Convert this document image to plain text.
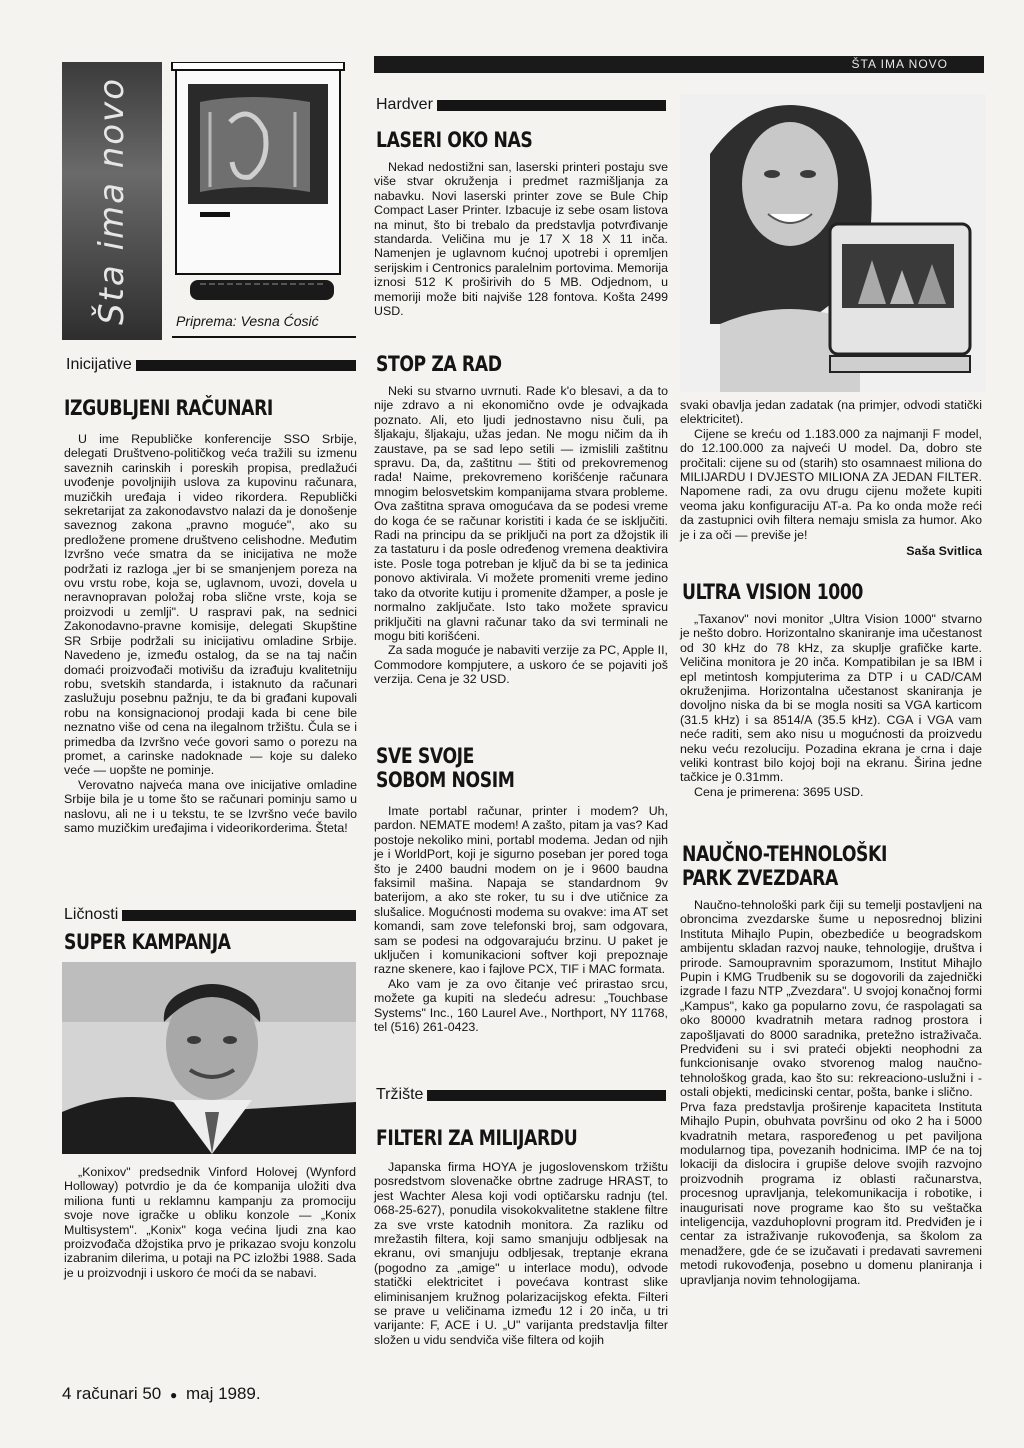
ŠTA IMA NOVO
Šta ima novo	Priprema: Vesna Ćosić
Inicijative
IZGUBLJENI RAČUNARI

U ime Republičke konferencije SSO Srbije, delegati Društveno-političkog veća tražili su izmenu saveznih carinskih i poreskih propisa, predlažući uvođenje povoljnijih uslova za kupovinu računara, muzičkih uređaja i video rikordera. Republički sekretarijat za zakonodavstvo nalazi da je donošenje saveznog zakona „pravno moguće", ako su predložene promene društveno celishodne. Međutim Izvršno veće smatra da se inicijativa ne može podržati iz razloga „jer bi se smanjenjem poreza na ovu vrstu robe, koja se, uglavnom, uvozi, dovela u neravnopravan položaj roba slične vrste, koja se proizvodi u zemlji". U raspravi pak, na sednici Zakonodavno-pravne komisije, delegati Skupštine SR Srbije podržali su inicijativu omladine Srbije. Navedeno je, između ostalog, da se na taj način domaći proizvođači motivišu da izrađuju kvalitetniju robu, svetskih standarda, i istaknuto da računari zaslužuju posebnu pažnju, te da bi građani kupovali robu na konsignacionoj prodaji kada bi cene bile neznatno više od cena na ilegalnom tržištu. Čula se i primedba da Izvršno veće govori samo o porezu na promet, a carinske nadoknade — koje su daleko veće — uopšte ne pominje.

Verovatno najveća mana ove inicijative omladine Srbije bila je u tome što se računari pominju samo u naslovu, ali ne i u tekstu, te se Izvršno veće bavilo samo muzičkim uređajima i videorikorderima. Šteta!

Ličnosti
SUPER KAMPANJA

„Konixov" predsednik Vinford Holovej (Wynford Holloway) potvrdio je da će kompanija uložiti dva miliona funti u reklamnu kampanju za promociju svoje nove igračke u obliku konzole — „Konix Multisystem". „Konix" koga većina ljudi zna kao proizvođača džojstika prvo je prikazao svoju konzolu izabranim dilerima, u potaji na PC izložbi 1988. Sada je u proizvodnji i uskoro će moći da se nabavi.

Hardver
LASERI OKO NAS

Nekad nedostižni san, laserski printeri postaju sve više stvar okruženja i predmet razmišljanja za nabavku. Novi laserski printer zove se Bule Chip Compact Laser Printer. Izbacuje iz sebe osam listova na minut, što bi trebalo da predstavlja potvrđivanje standarda. Veličina mu je 17 X 18 X 11 inča. Namenjen je uglavnom kućnoj upotrebi i opremljen serijskim i Centronics paralelnim portovima. Memorija iznosi 512 K proširivih do 5 MB. Odjednom, u memoriji može biti najviše 128 fontova. Košta 2499 USD.

STOP ZA RAD

Neki su stvarno uvrnuti. Rade k'o blesavi, a da to nije zdravo a ni ekonomično ovde je odvajkada poznato. Ali, eto ljudi jednostavno nisu čuli, pa šljakaju, šljakaju, užas jedan. Ne mogu ničim da ih zaustave, pa se sad lepo setili — izmislili zaštitnu spravu. Da, da, zaštitnu — štiti od prekovremenog rada! Naime, prekovremeno korišćenje računara mnogim belosvetskim kompanijama stvara probleme. Ova zaštitna sprava omogućava da se podesi vreme do koga će se računar koristiti i kada će se isključiti. Radi na principu da se priključi na port za džojstik ili za tastaturu i da posle određenog vremena deaktivira iste. Posle toga potreban je ključ da bi se ta jedinica ponovo aktivirala. Vi možete promeniti vreme jedino tako da otvorite kutiju i promenite džamper, a posle je normalno zaključate. Isto tako možete spravicu priključiti na glavni računar tako da svi terminali ne mogu biti korišćeni.

Za sada moguće je nabaviti verzije za PC, Apple II, Commodore kompjutere, a uskoro će se pojaviti još verzija. Cena je 32 USD.

SVE SVOJE
SOBOM NOSIM

Imate portabl računar, printer i modem? Uh, pardon. NEMATE modem! A zašto, pitam ja vas? Kad postoje nekoliko mini, portabl modema. Jedan od njih je i WorldPort, koji je sigurno poseban jer pored toga što je 2400 baudni modem on je i 9600 baudna faksimil mašina. Napaja se standardnom 9v baterijom, a ako ste roker, tu su i dve utičnice za slušalice. Mogućnosti modema su ovakve: ima AT set komandi, sam zove telefonski broj, sam odgovara, sam se podesi na odgovarajuću brzinu. U paket je uključen i komunikacioni softver koji prepoznaje razne skenere, kao i fajlove PCX, TIF i MAC formata.

Ako vam je za ovo čitanje već prirastao srcu, možete ga kupiti na sledeću adresu: „Touchbase Systems" Inc., 160 Laurel Ave., Northport, NY 11768, tel (516) 261-0423.

Tržište
FILTERI ZA MILIJARDU

Japanska firma HOYA je jugoslovenskom tržištu posredstvom slovenačke obrtne zadruge HRAST, to jest Wachter Alesa koji vodi optičarsku radnju (tel. 068-25-627), ponudila visokokvalitetne staklene filtre za sve vrste katodnih monitora. Za razliku od mrežastih filtera, koji samo smanjuju odbljesak na ekranu, ovi smanjuju odbljesak, treptanje ekrana (pogodno za „amige" u interlace modu), odvode statički elektricitet i povećava kontrast slike eliminisanjem kružnog polarizacijskog efekta. Filteri se prave u veličinama između 12 i 20 inča, u tri varijante: F, ACE i U. „U" varijanta predstavlja filter složen u vidu sendviča više filtera od kojih

svaki obavlja jedan zadatak (na primjer, odvodi statički elektricitet).

Cijene se kreću od 1.183.000 za najmanji F model, do 12.100.000 za najveći U model. Da, dobro ste pročitali: cijene su od (starih) sto osamnaest miliona do MILIJARDU I DVJESTO MILIONA ZA JEDAN FILTER. Napomene radi, za ovu drugu cijenu možete kupiti veoma jaku konfiguraciju AT-a. Pa ko onda može reći da zastupnici ovih filtera nemaju smisla za humor. Ako je i za oči — previše je!

Saša Svitlica
ULTRA VISION 1000

„Taxanov" novi monitor „Ultra Vision 1000" stvarno je nešto dobro. Horizontalno skaniranje ima učestanost od 30 kHz do 78 kHz, za skuplje grafičke karte. Veličina monitora je 20 inča. Kompatibilan je sa IBM i epl metintosh kompjuterima za DTP i u CAD/CAM okruženjima. Horizontalna učestanost skaniranja je dovoljno niska da bi se mogla nositi sa VGA karticom (31.5 kHz) i sa 8514/A (35.5 kHz). CGA i VGA vam neće raditi, sem ako nisu u mogućnosti da proizvedu neku veću rezoluciju. Pozadina ekrana je crna i daje veliki kontrast bilo kojoj boji na ekranu. Širina jedne tačkice je 0.31mm.

Cena je primerena: 3695 USD.

NAUČNO-TEHNOLOŠKI
PARK ZVEZDARA

Naučno-tehnološki park čiji su temelji postavljeni na obroncima zvezdarske šume u neposrednoj blizini Instituta Mihajlo Pupin, obezbediće u beogradskom ambijentu skladan razvoj nauke, tehnologije, društva i prirode. Samoupravnim sporazumom, Institut Mihajlo Pupin i KMG Trudbenik su se dogovorili da zajednički izgrade I fazu NTP „Zvezdara". U svojoj konačnoj formi „Kampus", kako ga popularno zovu, će raspolagati sa oko 80000 kvadratnih metara radnog prostora i zapošljavati do 8000 saradnika, pretežno istraživača. Predviđeni su i svi prateći objekti neophodni za funkcionisanje ovako stvorenog malog naučno-tehnološkog grada, kao što su: rekreaciono-uslužni i -ostali objekti, medicinski centar, pošta, banke i slično.

Prva faza predstavlja proširenje kapaciteta Instituta Mihajlo Pupin, obuhvata površinu od oko 2 ha i 5000 kvadratnih metara, raspoređenog u pet paviljona modularnog tipa, povezanih hodnicima. IMP će na toj lokaciji da dislocira i grupiše delove svojih razvojno proizvodnih programa iz oblasti računarstva, procesnog upravljanja, telekomunikacija i robotike, i inaugurisati nove programe kao što su veštačka inteligencija, vazduhoplovni program itd. Predviđen je i centar za istraživanje rukovođenja, sa školom za menadžere, gde će se izučavati i predavati savremeni metodi rukovođenja, posebno u domenu planiranja i upravljanja novim tehnologijama.

4 računari 50 ● maj 1989.
